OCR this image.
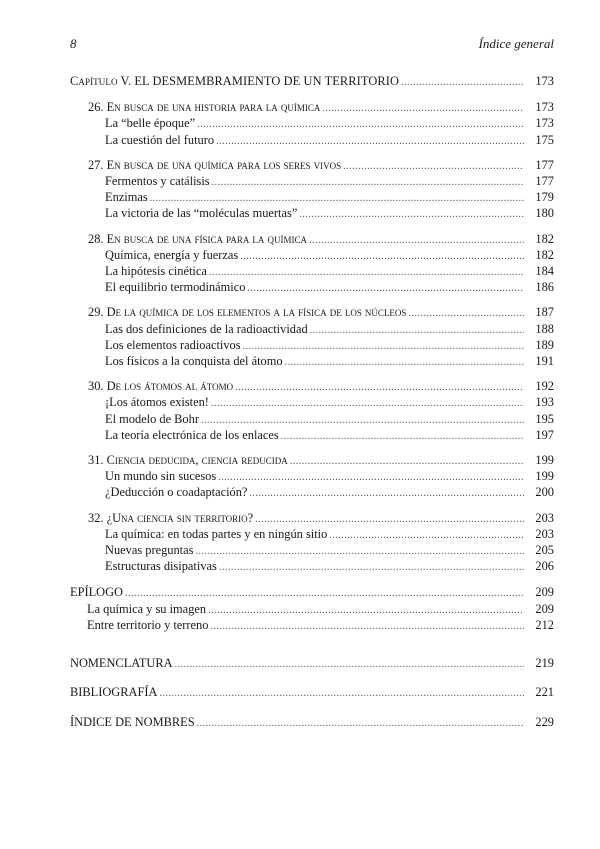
8	Índice general
Capítulo V. EL DESMEMBRAMIENTO DE UN TERRITORIO .....	173
26. En busca de una historia para la química .....	173
La “belle époque” .....	173
La cuestión del futuro .....	175
27. En busca de una química para los seres vivos .....	177
Fermentos y catálisis .....	177
Enzimas .....	179
La victoria de las “moléculas muertas” .....	180
28. En busca de una física para la química .....	182
Química, energía y fuerzas .....	182
La hipótesis cinética .....	184
El equilibrio termodinámico .....	186
29. De la química de los elementos a la física de los núcleos .....	187
Las dos definiciones de la radioactividad .....	188
Los elementos radioactivos .....	189
Los físicos a la conquista del átomo .....	191
30. De los átomos al átomo .....	192
¡Los átomos existen! .....	193
El modelo de Bohr .....	195
La teoría electrónica de los enlaces .....	197
31. Ciencia deducida, ciencia reducida .....	199
Un mundo sin sucesos .....	199
¿Deducción o coadaptación? .....	200
32. ¿Una ciencia sin territorio? .....	203
La química: en todas partes y en ningún sitio .....	203
Nuevas preguntas .....	205
Estructuras disipativas .....	206
EPÍLOGO .....	209
La química y su imagen .....	209
Entre territorio y terreno .....	212
NOMENCLATURA .....	219
BIBLIOGRAFÍA .....	221
ÍNDICE DE NOMBRES .....	229
